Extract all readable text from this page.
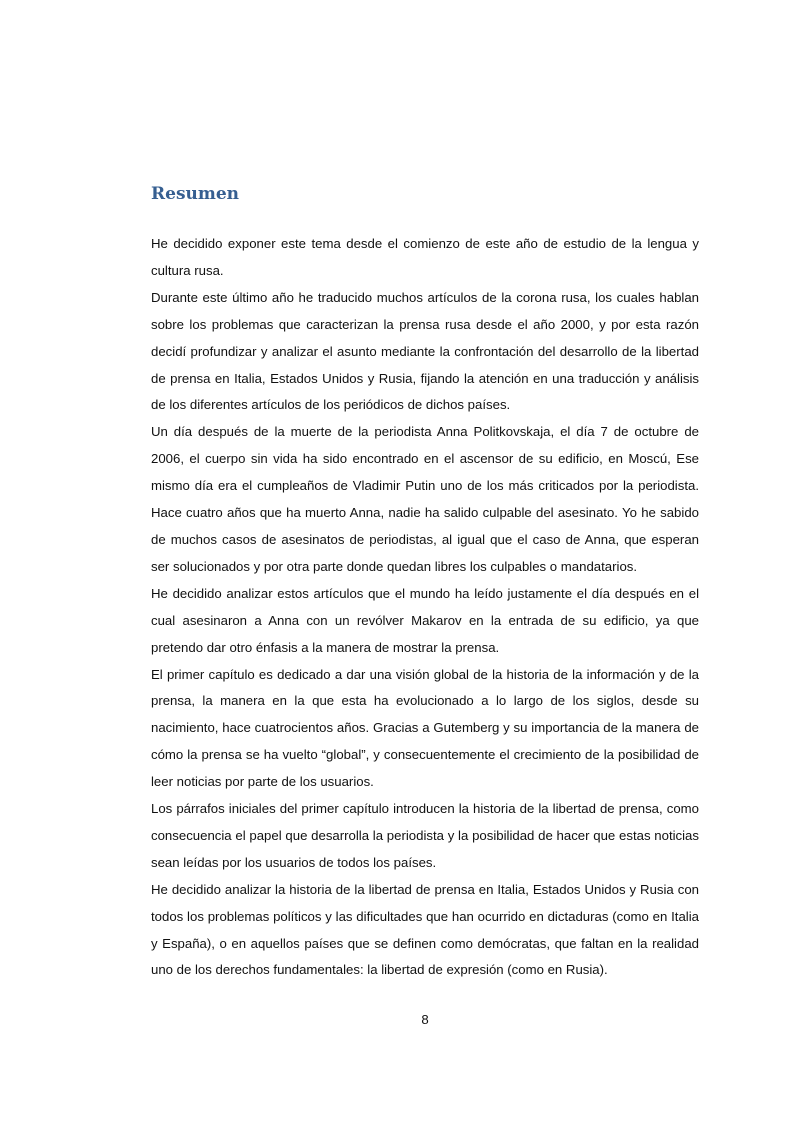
Resumen

He decidido exponer este tema desde el comienzo de este año de estudio de la lengua y cultura rusa.

Durante este último año he traducido muchos artículos de la corona rusa, los cuales hablan sobre los problemas que caracterizan la prensa rusa desde el año 2000, y por esta razón decidí profundizar y analizar el asunto mediante la confrontación del desarrollo de la libertad de prensa en Italia, Estados Unidos y Rusia, fijando la atención en una traducción y análisis de los diferentes artículos de los periódicos de dichos países.

Un día después de la muerte de la periodista Anna Politkovskaja, el día 7 de octubre de 2006, el cuerpo sin vida ha sido encontrado en el ascensor de su edificio, en Moscú, Ese mismo día era el cumpleaños de Vladimir Putin uno de los más criticados por la periodista. Hace cuatro años que ha muerto Anna, nadie ha salido culpable del asesinato. Yo he sabido de muchos casos de asesinatos de periodistas, al igual que el caso de Anna, que esperan ser solucionados y por otra parte donde quedan libres los culpables o mandatarios.

He decidido analizar estos artículos que el mundo ha leído justamente el día después en el cual asesinaron a Anna con un revólver Makarov en la entrada de su edificio, ya que pretendo dar otro énfasis a la manera de mostrar la prensa.

El primer capítulo es dedicado a dar una visión global de la historia de la información y de la prensa, la manera en la que esta ha evolucionado a lo largo de los siglos, desde su nacimiento, hace cuatrocientos años. Gracias a Gutemberg y su importancia de la manera de cómo la prensa se ha vuelto “global”, y consecuentemente el crecimiento de la posibilidad de leer noticias por parte de los usuarios.

Los párrafos iniciales del primer capítulo introducen la historia de la libertad de prensa, como consecuencia el papel que desarrolla la periodista y la posibilidad de hacer que estas noticias sean leídas por los usuarios de todos los países.

He decidido analizar la historia de la libertad de prensa en Italia, Estados Unidos y Rusia con todos los problemas políticos y las dificultades que han ocurrido en dictaduras (como en Italia y España), o en aquellos países que se definen como demócratas, que faltan en la realidad uno de los derechos fundamentales: la libertad de expresión (como en Rusia).

8
